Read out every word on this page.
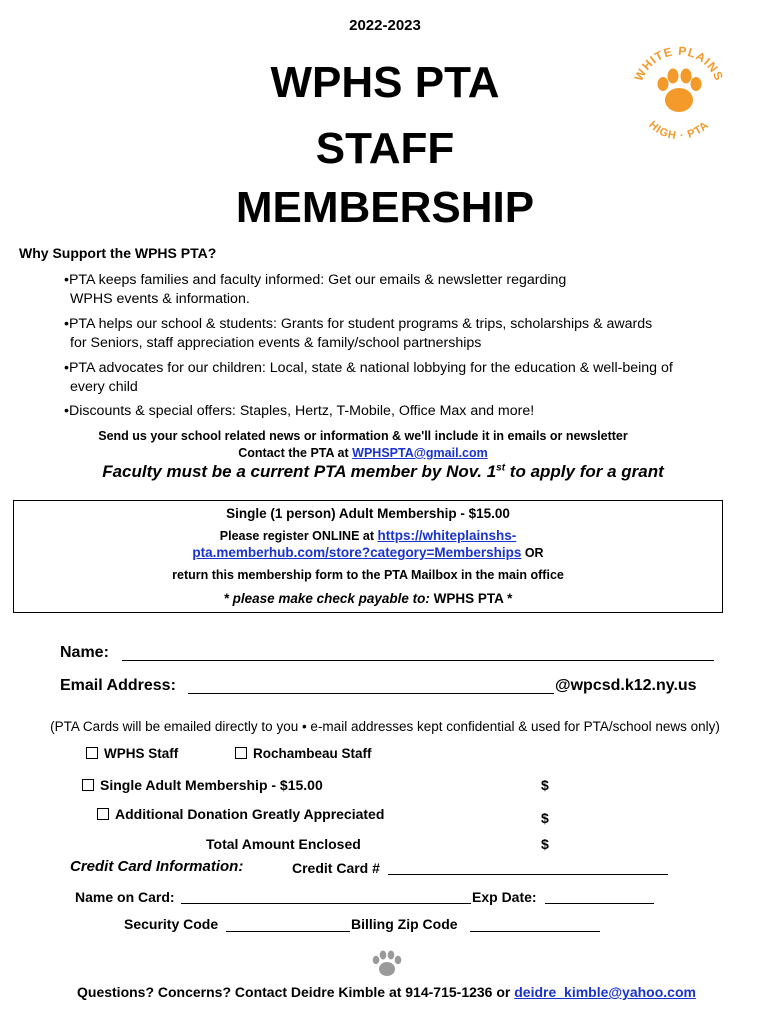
2022-2023
WPHS PTA
STAFF
MEMBERSHIP
WHITE PLAINS
HIGH · PTA
Why Support the WPHS PTA?
•PTA keeps families and faculty informed: Get our emails & newsletter regarding
WPHS events & information.
•PTA helps our school & students: Grants for student programs & trips, scholarships & awards
for Seniors, staff appreciation events & family/school partnerships
•PTA advocates for our children: Local, state & national lobbying for the education & well-being of
every child
•Discounts & special offers: Staples, Hertz, T-Mobile, Office Max and more!
Send us your school related news or information & we'll include it in emails or newsletter
Contact the PTA at WPHSPTA@gmail.com
Faculty must be a current PTA member by Nov. 1st to apply for a grant
Single (1 person) Adult Membership - $15.00
Please register ONLINE at https://whiteplainshs-
pta.memberhub.com/store?category=Memberships OR
return this membership form to the PTA Mailbox in the main office
* please make check payable to: WPHS PTA *
Name:
Email Address:	@wpcsd.k12.ny.us
(PTA Cards will be emailed directly to you • e-mail addresses kept confidential & used for PTA/school news only)
WPHS Staff	Rochambeau Staff
Single Adult Membership - $15.00	$
Additional Donation Greatly Appreciated	$
Total Amount Enclosed	$
Credit Card Information:	Credit Card #
Name on Card:	Exp Date:
Security Code	Billing Zip Code
Questions? Concerns? Contact Deidre Kimble at 914-715-1236 or deidre_kimble@yahoo.com
